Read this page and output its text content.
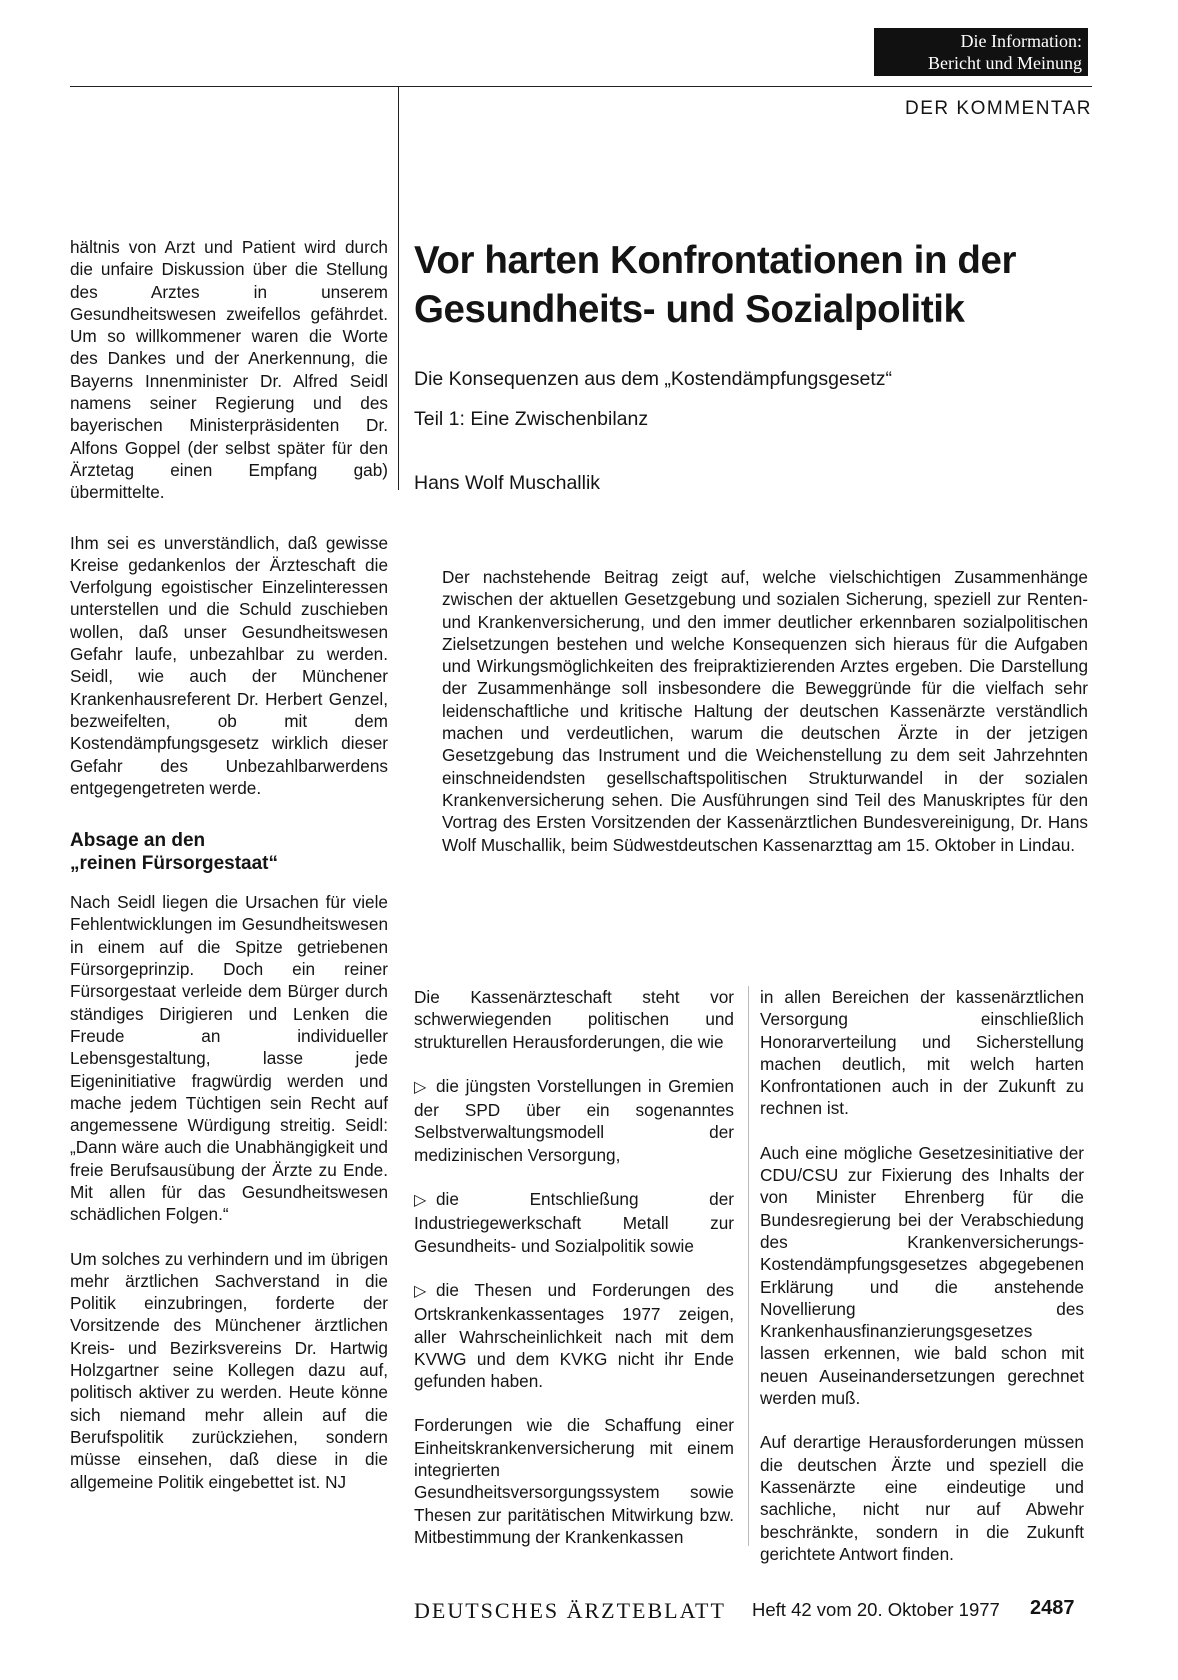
Die Information:
Bericht und Meinung
DER KOMMENTAR

hältnis von Arzt und Patient wird durch die unfaire Diskussion über die Stellung des Arztes in unserem Gesundheitswesen zweifellos gefährdet. Um so willkommener waren die Worte des Dankes und der Anerkennung, die Bayerns Innenminister Dr. Alfred Seidl namens seiner Regierung und des bayerischen Ministerpräsidenten Dr. Alfons Goppel (der selbst später für den Ärztetag einen Empfang gab) übermittelte.

Ihm sei es unverständlich, daß gewisse Kreise gedankenlos der Ärzteschaft die Verfolgung egoistischer Einzelinteressen unterstellen und die Schuld zuschieben wollen, daß unser Gesundheitswesen Gefahr laufe, unbezahlbar zu werden. Seidl, wie auch der Münchener Krankenhausreferent Dr. Herbert Genzel, bezweifelten, ob mit dem Kostendämpfungsgesetz wirklich dieser Gefahr des Unbezahlbarwerdens entgegengetreten werde.

Absage an den
„reinen Fürsorgestaat“

Nach Seidl liegen die Ursachen für viele Fehlentwicklungen im Gesundheitswesen in einem auf die Spitze getriebenen Fürsorgeprinzip. Doch ein reiner Fürsorgestaat verleide dem Bürger durch ständiges Dirigieren und Lenken die Freude an individueller Lebensgestaltung, lasse jede Eigeninitiative fragwürdig werden und mache jedem Tüchtigen sein Recht auf angemessene Würdigung streitig. Seidl: „Dann wäre auch die Unabhängigkeit und freie Berufsausübung der Ärzte zu Ende. Mit allen für das Gesundheitswesen schädlichen Folgen.“

Um solches zu verhindern und im übrigen mehr ärztlichen Sachverstand in die Politik einzubringen, forderte der Vorsitzende des Münchener ärztlichen Kreis- und Bezirksvereins Dr. Hartwig Holzgartner seine Kollegen dazu auf, politisch aktiver zu werden. Heute könne sich niemand mehr allein auf die Berufspolitik zurückziehen, sondern müsse einsehen, daß diese in die allgemeine Politik eingebettet ist. NJ

Vor harten Konfrontationen in der
Gesundheits- und Sozialpolitik
Die Konsequenzen aus dem „Kostendämpfungsgesetz“
Teil 1: Eine Zwischenbilanz
Hans Wolf Muschallik
Der nachstehende Beitrag zeigt auf, welche vielschichtigen Zusammenhänge zwischen der aktuellen Gesetzgebung und sozialen Sicherung, speziell zur Renten- und Krankenversicherung, und den immer deutlicher erkennbaren sozialpolitischen Zielsetzungen bestehen und welche Konsequenzen sich hieraus für die Aufgaben und Wirkungsmöglichkeiten des freipraktizierenden Arztes ergeben. Die Darstellung der Zusammenhänge soll insbesondere die Beweggründe für die vielfach sehr leidenschaftliche und kritische Haltung der deutschen Kassenärzte verständlich machen und verdeutlichen, warum die deutschen Ärzte in der jetzigen Gesetzgebung das Instrument und die Weichenstellung zu dem seit Jahrzehnten einschneidendsten gesellschaftspolitischen Strukturwandel in der sozialen Krankenversicherung sehen. Die Ausführungen sind Teil des Manuskriptes für den Vortrag des Ersten Vorsitzenden der Kassenärztlichen Bundesvereinigung, Dr. Hans Wolf Muschallik, beim Südwestdeutschen Kassenarzttag am 15. Oktober in Lindau.

Die Kassenärzteschaft steht vor schwerwiegenden politischen und strukturellen Herausforderungen, die wie

▷ die jüngsten Vorstellungen in Gremien der SPD über ein sogenanntes Selbstverwaltungsmodell der medizinischen Versorgung,

▷ die Entschließung der Industriegewerkschaft Metall zur Gesundheits- und Sozialpolitik sowie

▷ die Thesen und Forderungen des Ortskrankenkassentages 1977 zeigen, aller Wahrscheinlichkeit nach mit dem KVWG und dem KVKG nicht ihr Ende gefunden haben.

Forderungen wie die Schaffung einer Einheitskrankenversicherung mit einem integrierten Gesundheitsversorgungssystem sowie Thesen zur paritätischen Mitwirkung bzw. Mitbestimmung der Krankenkassen

in allen Bereichen der kassenärztlichen Versorgung einschließlich Honorarverteilung und Sicherstellung machen deutlich, mit welch harten Konfrontationen auch in der Zukunft zu rechnen ist.

Auch eine mögliche Gesetzesinitiative der CDU/CSU zur Fixierung des Inhalts der von Minister Ehrenberg für die Bundesregierung bei der Verabschiedung des Krankenversicherungs-Kostendämpfungsgesetzes abgegebenen Erklärung und die anstehende Novellierung des Krankenhausfinanzierungsgesetzes lassen erkennen, wie bald schon mit neuen Auseinandersetzungen gerechnet werden muß.

Auf derartige Herausforderungen müssen die deutschen Ärzte und speziell die Kassenärzte eine eindeutige und sachliche, nicht nur auf Abwehr beschränkte, sondern in die Zukunft gerichtete Antwort finden.

DEUTSCHES ÄRZTEBLATT Heft 42 vom 20. Oktober 1977 2487
